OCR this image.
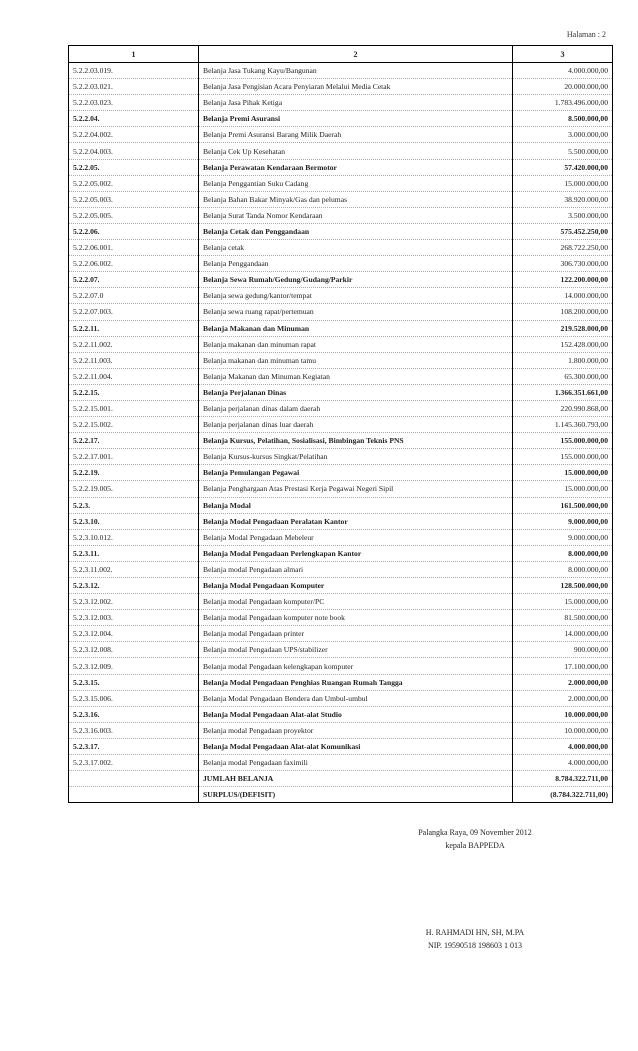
Halaman : 2
1	2	3
5.2.2.03.019.	Belanja Jasa Tukang Kayu/Bangunan	4.000.000,00
5.2.2.03.021.	Belanja Jasa Pengisian Acara Penyiaran Melalui Media Cetak	20.000.000,00
5.2.2.03.023.	Belanja Jasa Pihak Ketiga	1.783.496.000,00
5.2.2.04.	Belanja Premi Asuransi	8.500.000,00
5.2.2.04.002.	Belanja Premi Asuransi Barang Milik Daerah	3.000.000,00
5.2.2.04.003.	Belanja Cek Up Kesehatan	5.500.000,00
5.2.2.05.	Belanja Perawatan Kendaraan Bermotor	57.420.000,00
5.2.2.05.002.	Belanja Penggantian Suku Cadang	15.000.000,00
5.2.2.05.003.	Belanja Bahan Bakar Minyak/Gas dan pelumas	38.920.000,00
5.2.2.05.005.	Belanja Surat Tanda Nomor Kendaraan	3.500.000,00
5.2.2.06.	Belanja Cetak dan Penggandaan	575.452.250,00
5.2.2.06.001.	Belanja cetak	268.722.250,00
5.2.2.06.002.	Belanja Penggandaan	306.730.000,00
5.2.2.07.	Belanja Sewa Rumah/Gedung/Gudang/Parkir	122.200.000,00
5.2.2.07.0	Belanja sewa gedung/kantor/tempat	14.000.000,00
5.2.2.07.003.	Belanja sewa ruang rapat/pertemuan	108.200.000,00
5.2.2.11.	Belanja Makanan dan Minuman	219.528.000,00
5.2.2.11.002.	Belanja makanan dan minuman rapat	152.428.000,00
5.2.2.11.003.	Belanja makanan dan minuman tamu	1.800.000,00
5.2.2.11.004.	Belanja Makanan dan Minuman Kegiatan	65.300.000,00
5.2.2.15.	Belanja Perjalanan Dinas	1.366.351.661,00
5.2.2.15.001.	Belanja perjalanan dinas dalam daerah	220.990.868,00
5.2.2.15.002.	Belanja perjalanan dinas luar daerah	1.145.360.793,00
5.2.2.17.	Belanja Kursus, Pelatihan, Sosialisasi, Bimbingan Teknis PNS	155.000.000,00
5.2.2.17.001.	Belanja Kursus-kursus Singkat/Pelatihan	155.000.000,00
5.2.2.19.	Belanja Pemulangan Pegawai	15.000.000,00
5.2.2.19.005.	Belanja Penghargaan Atas Prestasi Kerja Pegawai Negeri Sipil	15.000.000,00
5.2.3.	Belanja Modal	161.500.000,00
5.2.3.10.	Belanja Modal Pengadaan Peralatan Kantor	9.000.000,00
5.2.3.10.012.	Belanja Modal Pengadaan Mebeleur	9.000.000,00
5.2.3.11.	Belanja Modal Pengadaan Perlengkapan Kantor	8.000.000,00
5.2.3.11.002.	Belanja modal Pengadaan almari	8.000.000,00
5.2.3.12.	Belanja Modal Pengadaan Komputer	128.500.000,00
5.2.3.12.002.	Belanja modal Pengadaan komputer/PC	15.000.000,00
5.2.3.12.003.	Belanja modal Pengadaan komputer note book	81.500.000,00
5.2.3.12.004.	Belanja modal Pengadaan printer	14.000.000,00
5.2.3.12.008.	Belanja modal Pengadaan UPS/stabilizer	900.000,00
5.2.3.12.009.	Belanja modal Pengadaan kelengkapan komputer	17.100.000,00
5.2.3.15.	Belanja Modal Pengadaan Penghias Ruangan Rumah Tangga	2.000.000,00
5.2.3.15.006.	Belanja Modal Pengadaan Bendera dan Umbul-umbul	2.000.000,00
5.2.3.16.	Belanja Modal Pengadaan Alat-alat Studio	10.000.000,00
5.2.3.16.003.	Belanja modal Pengadaan proyektor	10.000.000,00
5.2.3.17.	Belanja Modal Pengadaan Alat-alat Komunikasi	4.000.000,00
5.2.3.17.002.	Belanja modal Pengadaan faximili	4.000.000,00
	JUMLAH BELANJA	8.784.322.711,00
	SURPLUS/(DEFISIT)	(8.784.322.711,00)
Palangka Raya, 09 November 2012
kepala BAPPEDA
H. RAHMADI HN, SH, M.PA
NIP. 19590518 198603 1 013
